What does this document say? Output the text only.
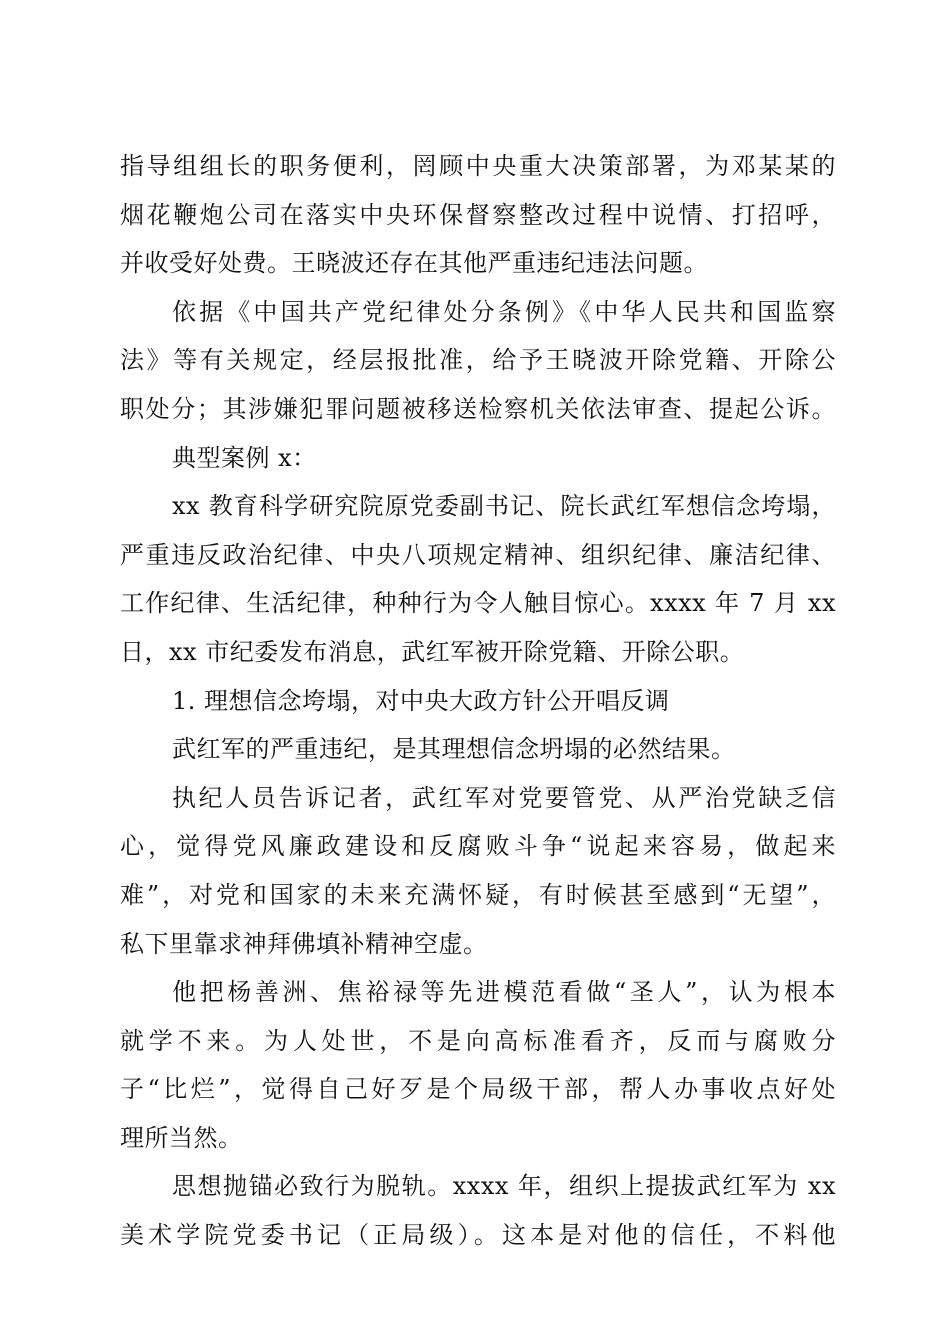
指导组组长的职务便利，罔顾中央重大决策部署，为邓某某的
烟花鞭炮公司在落实中央环保督察整改过程中说情、打招呼，
并收受好处费。王晓波还存在其他严重违纪违法问题。
依据《中国共产党纪律处分条例》《中华人民共和国监察
法》等有关规定，经层报批准，给予王晓波开除党籍、开除公
职处分；其涉嫌犯罪问题被移送检察机关依法审查、提起公诉。
典型案例 x：
xx 教育科学研究院原党委副书记、院长武红军想信念垮塌，
严重违反政治纪律、中央八项规定精神、组织纪律、廉洁纪律、
工作纪律、生活纪律，种种行为令人触目惊心。xxxx 年 7 月 xx
日，xx 市纪委发布消息，武红军被开除党籍、开除公职。
1. 理想信念垮塌，对中央大政方针公开唱反调
武红军的严重违纪，是其理想信念坍塌的必然结果。
执纪人员告诉记者，武红军对党要管党、从严治党缺乏信
心，觉得党风廉政建设和反腐败斗争“说起来容易，做起来
难”，对党和国家的未来充满怀疑，有时候甚至感到“无望”，
私下里靠求神拜佛填补精神空虚。
他把杨善洲、焦裕禄等先进模范看做“圣人”，认为根本
就学不来。为人处世，不是向高标准看齐，反而与腐败分
子“比烂”，觉得自己好歹是个局级干部，帮人办事收点好处
理所当然。
思想抛锚必致行为脱轨。xxxx 年，组织上提拔武红军为 xx
美术学院党委书记（正局级）。这本是对他的信任，不料他
